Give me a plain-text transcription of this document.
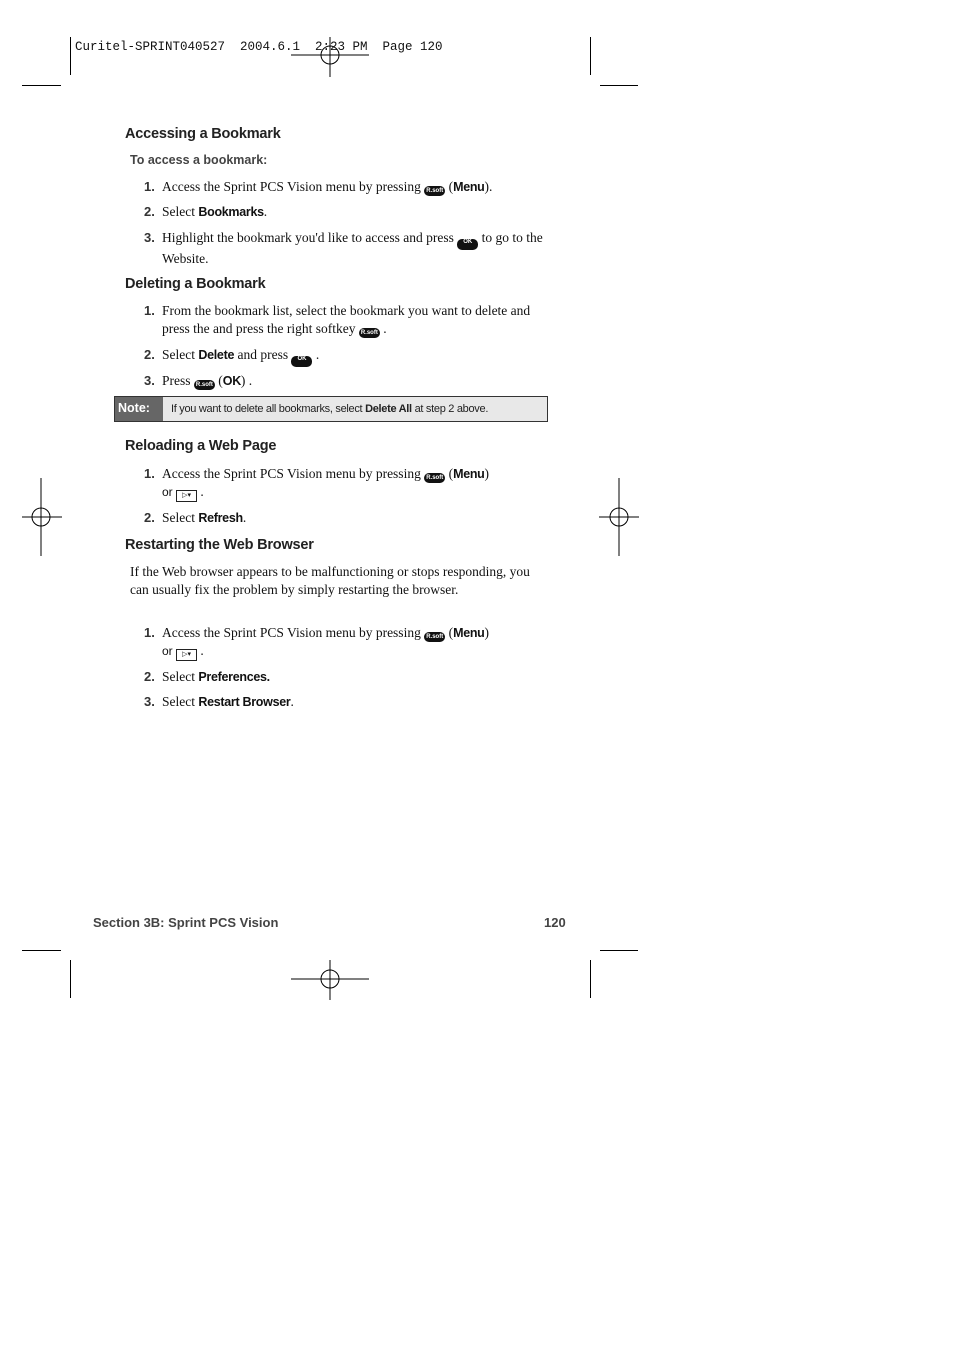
Curitel-SPRINT040527  2004.6.1  2:23 PM  Page 120
Accessing a Bookmark
To access a bookmark:
1. Access the Sprint PCS Vision menu by pressing R.soft (Menu).
2. Select Bookmarks.
3. Highlight the bookmark you'd like to access and press OK to go to the Website.
Deleting a Bookmark
1. From the bookmark list, select the bookmark you want to delete and press the and press the right softkey R.soft .
2. Select Delete and press OK .
3. Press R.soft (OK) .
Note:	If you want to delete all bookmarks, select Delete All at step 2 above.
Reloading a Web Page
1. Access the Sprint PCS Vision menu by pressing R.soft (Menu)
or ▷▾ .
2. Select Refresh.
Restarting the Web Browser
If the Web browser appears to be malfunctioning or stops responding, you can usually fix the problem by simply restarting the browser.
1. Access the Sprint PCS Vision menu by pressing R.soft (Menu)
or ▷▾ .
2. Select Preferences.
3. Select Restart Browser.
Section 3B: Sprint PCS Vision	120
